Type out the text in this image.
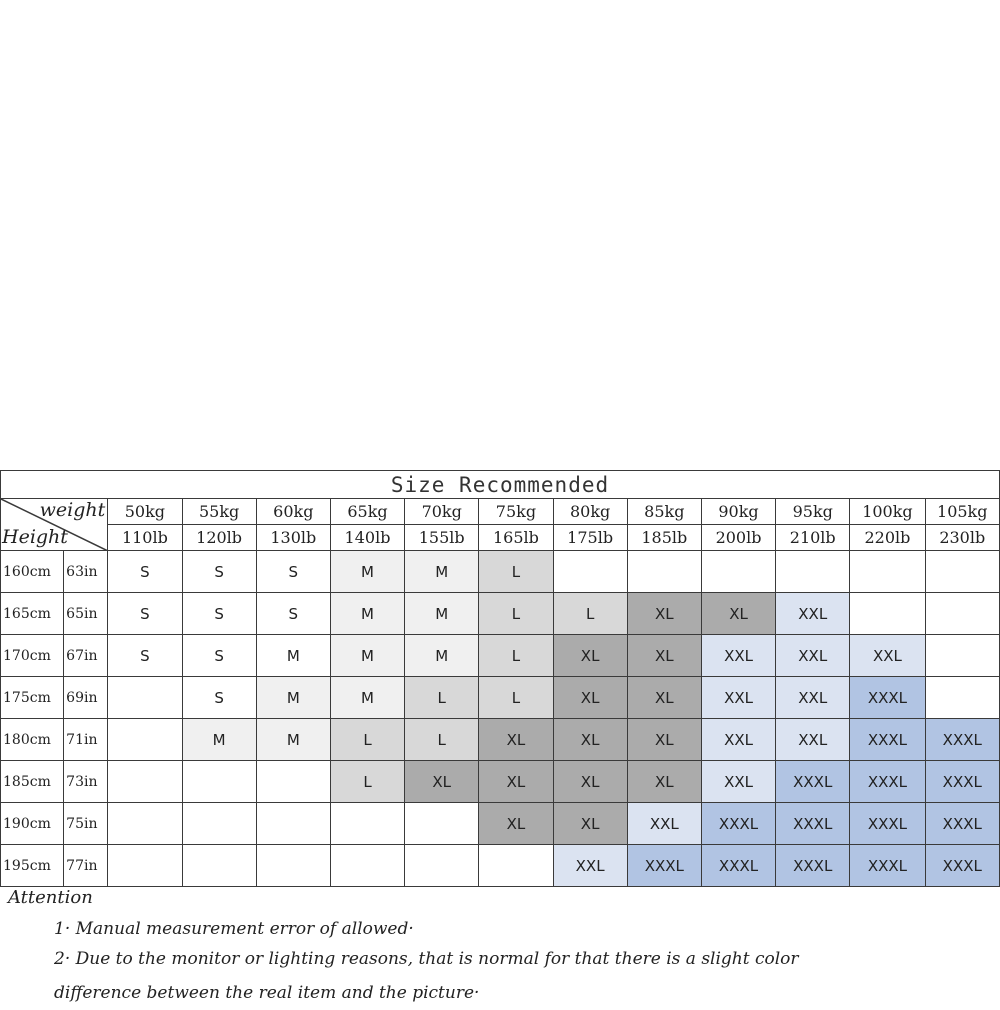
Size Recommended													

weight
Height		50kg	55kg	60kg	65kg	70kg	75kg	80kg	85kg	90kg	95kg	100kg	105kg
		110lb	120lb	130lb	140lb	155lb	165lb	175lb	185lb	200lb	210lb	220lb	230lb
160cm	63in	S	S	S	M	M	L						
165cm	65in	S	S	S	M	M	L	L	XL	XL	XXL		
170cm	67in	S	S	M	M	M	L	XL	XL	XXL	XXL	XXL	
175cm	69in		S	M	M	L	L	XL	XL	XXL	XXL	XXXL	
180cm	71in		M	M	L	L	XL	XL	XL	XXL	XXL	XXXL	XXXL
185cm	73in				L	XL	XL	XL	XL	XXL	XXXL	XXXL	XXXL
190cm	75in						XL	XL	XXL	XXXL	XXXL	XXXL	XXXL
195cm	77in							XXL	XXXL	XXXL	XXXL	XXXL	XXXL
Attention
1· Manual measurement error of allowed·
2· Due to the monitor or lighting reasons, that is normal for that there is a slight color
difference between the real item and the picture·
